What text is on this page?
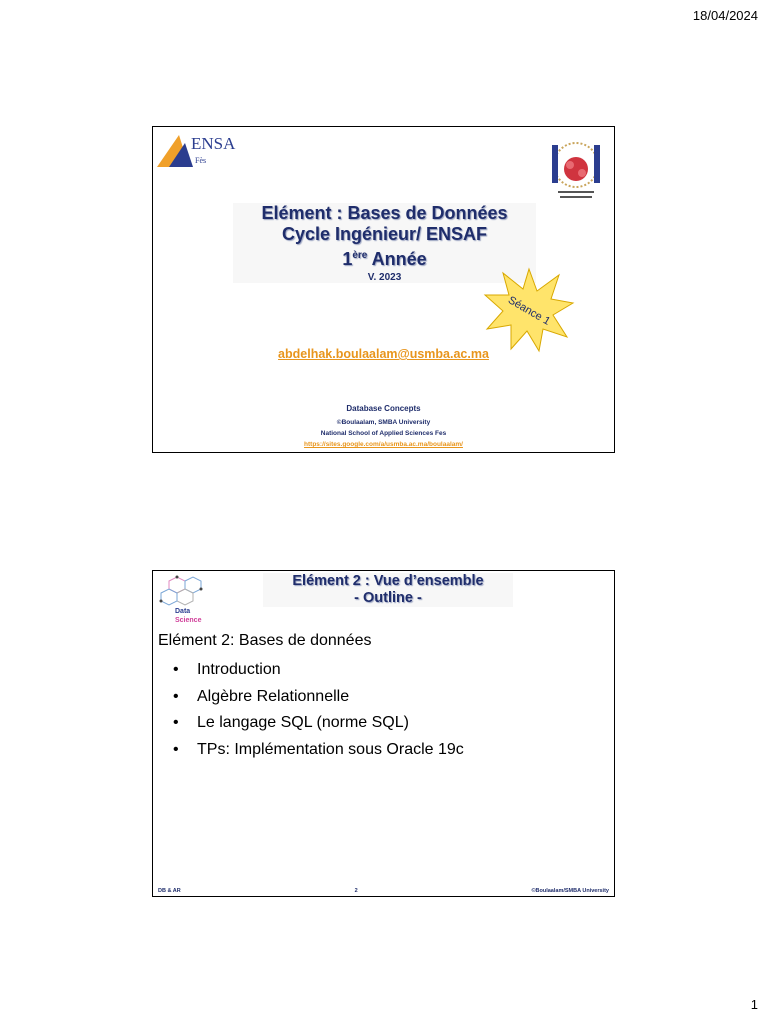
18/04/2024
ENSA
Fès
Elément : Bases de Données
Cycle Ingénieur/ ENSAF
1ère Année
V. 2023
Séance 1
abdelhak.boulaalam@usmba.ac.ma
Database Concepts
©Boulaalam, SMBA University
National School of Applied Sciences Fes
https://sites.google.com/a/usmba.ac.ma/boulaalam/
Data
Science
Elément 2 : Vue d’ensemble
- Outline -
Elément 2: Bases de données
• Introduction
• Algèbre Relationnelle
• Le langage SQL (norme SQL)
• TPs: Implémentation sous Oracle 19c
DB & AR	2	©Boulaalam/SMBA University
1
